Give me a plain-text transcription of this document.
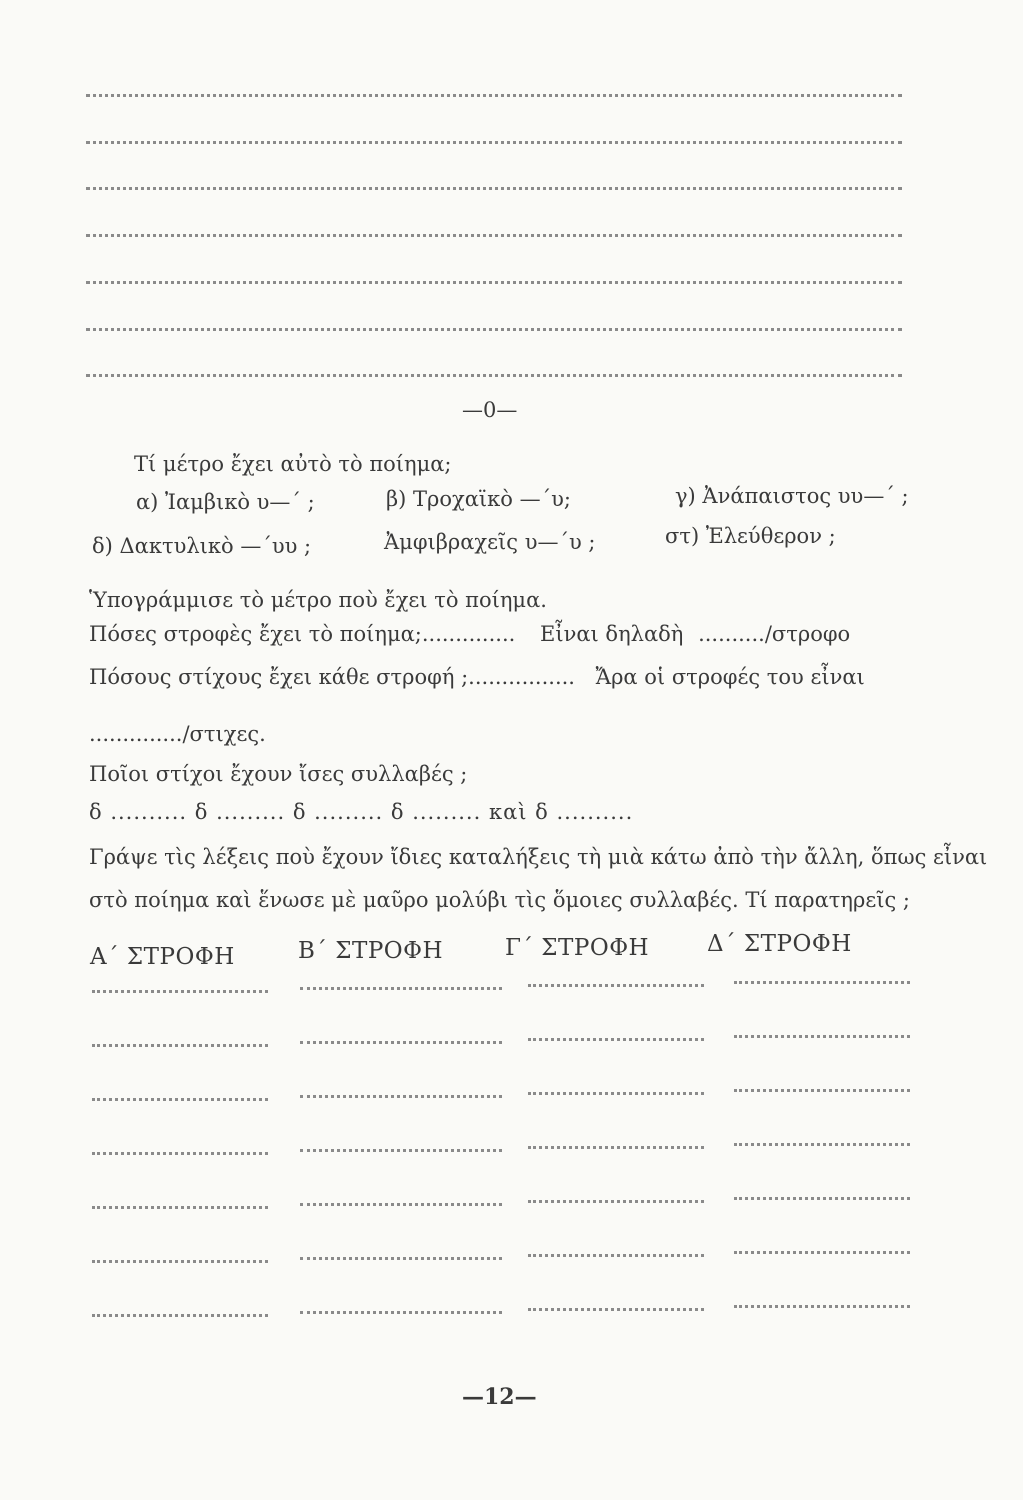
—0—
Τί μέτρο ἔχει αὐτὸ τὸ ποίημα;
α) Ἰαμβικὸ υ—΄ ;	β) Τροχαϊκὸ —΄υ;	γ) Ἀνάπαιστος υυ—΄ ;
δ) Δακτυλικὸ —΄υυ ;	Ἀμφιβραχεῖς υ—΄υ ;	στ) Ἐλεύθερον ;
Ὑπογράμμισε τὸ μέτρο ποὺ ἔχει τὸ ποίημα.
Πόσες στροφὲς ἔχει τὸ ποίημα;.............. Εἶναι δηλαδὴ ........../στροφο
Πόσους στίχους ἔχει κάθε στροφή ;................ Ἄρα οἱ στροφές του εἶναι
............../στιχες.
Ποῖοι στίχοι ἔχουν ἴσες συλλαβές ;
δ .......... δ ......... δ ......... δ ......... καὶ δ ..........
Γράψε τὶς λέξεις ποὺ ἔχουν ἴδιες καταλήξεις τὴ μιὰ κάτω ἀπὸ τὴν ἄλλη, ὅπως εἶναι
στὸ ποίημα καὶ ἕνωσε μὲ μαῦρο μολύβι τὶς ὅμοιες συλλαβές. Τί παρατηρεῖς ;
Α΄ ΣΤΡΟΦΗ	Β΄ ΣΤΡΟΦΗ	Γ΄ ΣΤΡΟΦΗ	Δ΄ ΣΤΡΟΦΗ
—12—
